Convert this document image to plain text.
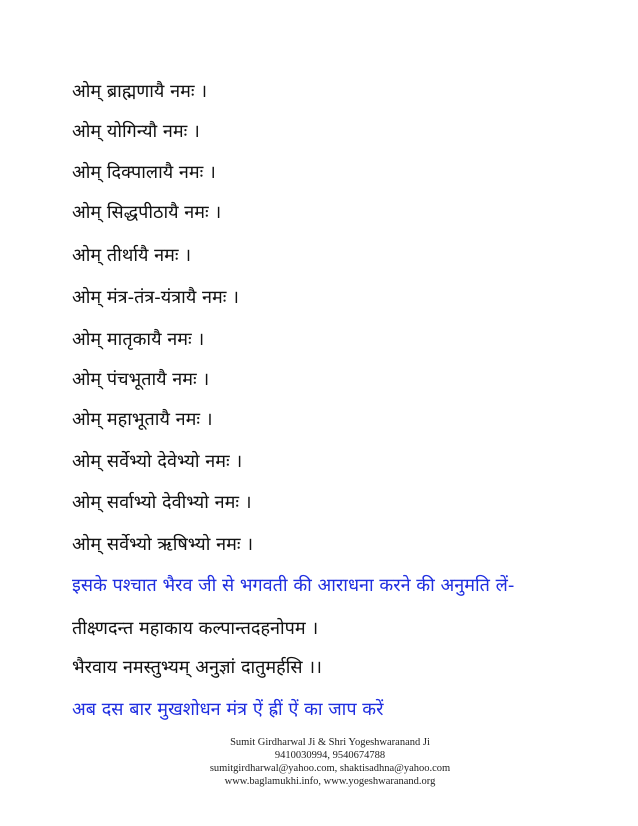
ओम् ब्राह्मणायै नमः ।
ओम् योगिन्यौ नमः ।
ओम् दिक्पालायै नमः ।
ओम् सिद्धपीठायै नमः ।
ओम् तीर्थायै नमः ।
ओम् मंत्र-तंत्र-यंत्रायै नमः ।
ओम् मातृकायै नमः ।
ओम् पंचभूतायै नमः ।
ओम् महाभूतायै नमः ।
ओम् सर्वेभ्यो देवेभ्यो नमः ।
ओम् सर्वाभ्यो देवीभ्यो नमः ।
ओम् सर्वेभ्यो ऋषिभ्यो नमः ।
इसके पश्चात भैरव जी से भगवती की आराधना करने की अनुमति लें-
तीक्ष्णदन्त महाकाय कल्पान्तदहनोपम ।
भैरवाय नमस्तुभ्यम् अनुज्ञां दातुमर्हसि ।।
अब दस बार मुखशोधन मंत्र ऐं ह्रीं ऐं का जाप करें
Sumit Girdharwal Ji & Shri Yogeshwaranand Ji
9410030994, 9540674788
sumitgirdharwal@yahoo.com, shaktisadhna@yahoo.com
www.baglamukhi.info, www.yogeshwaranand.org
